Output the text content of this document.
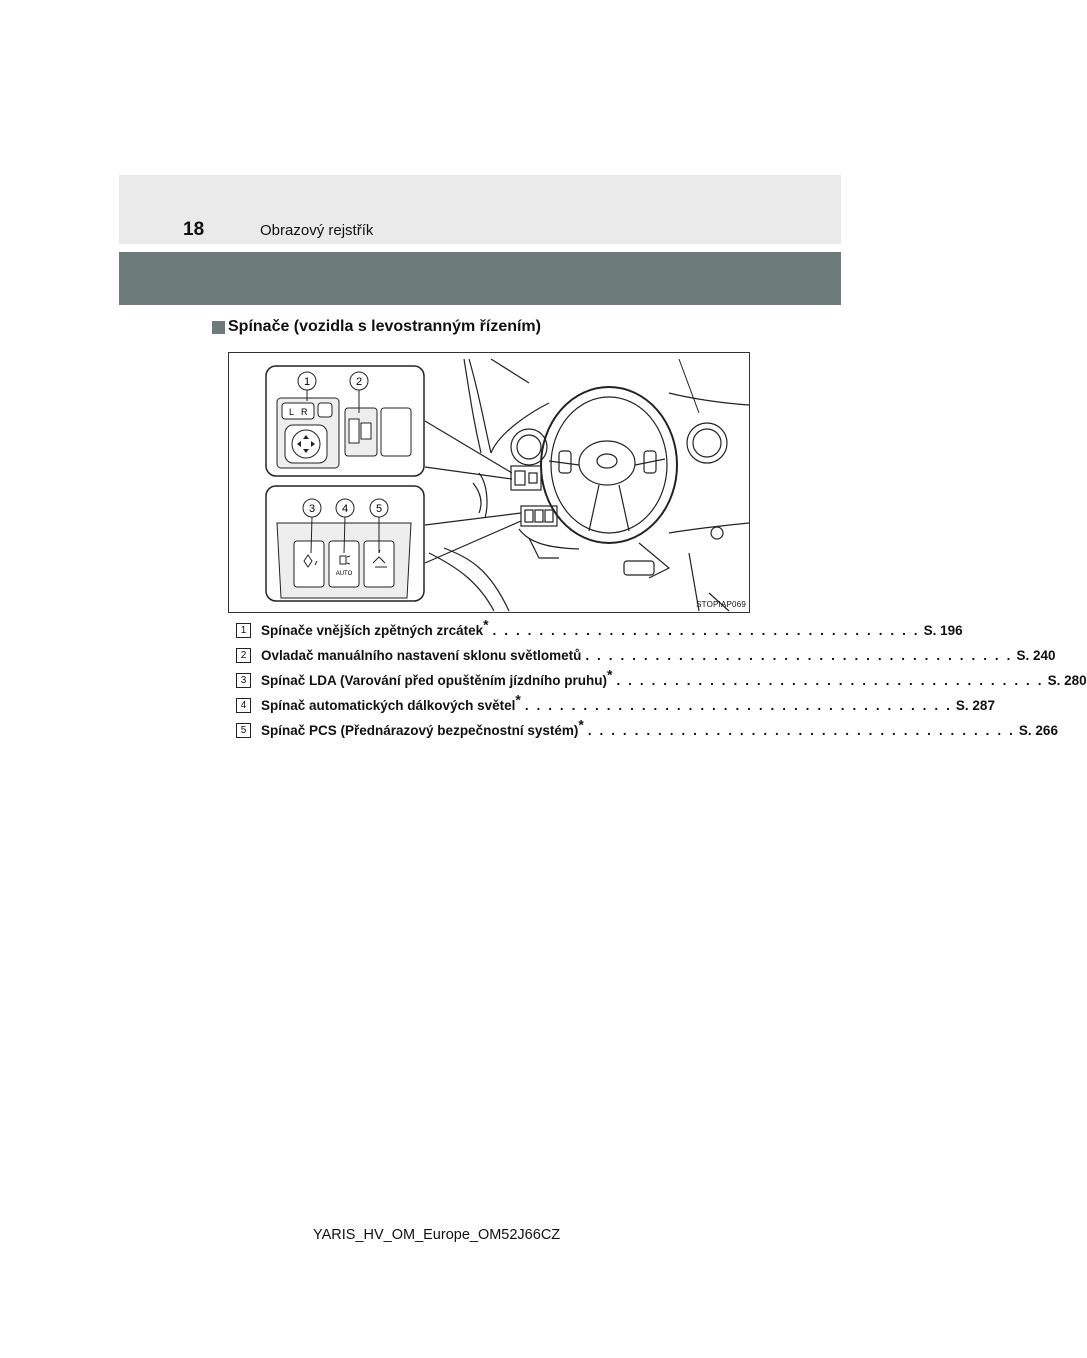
18	Obrazový rejstřík
Spínače (vozidla s levostranným řízením)
L R
1	2
AUTO
3 4	5
STOPIAP069
1	Spínače vnějších zpětných zrcátek* . . . . . . . . . . . . . . . . . . . . . . . . . . . . . . . . . . . . . S. 196
2	Ovladač manuálního nastavení sklonu světlometů . . . . . . . . . . . . . . . . . . . . . . . . . . . . . . . . . . . . . S. 240
3	Spínač LDA (Varování před opuštěním jízdního pruhu)* . . . . . . . . . . . . . . . . . . . . . . . . . . . . . . . . . . . . . S. 280
4	Spínač automatických dálkových světel* . . . . . . . . . . . . . . . . . . . . . . . . . . . . . . . . . . . . . S. 287
5	Spínač PCS (Přednárazový bezpečnostní systém)* . . . . . . . . . . . . . . . . . . . . . . . . . . . . . . . . . . . . . S. 266
YARIS_HV_OM_Europe_OM52J66CZ
